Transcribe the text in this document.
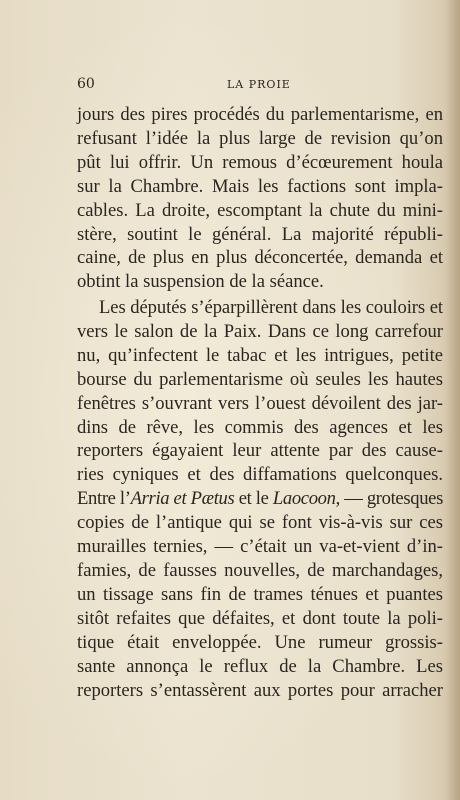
60	LA PROIE
jours des pires procédés du parlementarisme, en
refusant l’idée la plus large de revision qu’on
pût lui offrir. Un remous d’écœurement houla
sur la Chambre. Mais les factions sont impla-
cables. La droite, escomptant la chute du mini-
stère, soutint le général. La majorité républi-
caine, de plus en plus déconcertée, demanda et
obtint la suspension de la séance.
Les députés s’éparpillèrent dans les couloirs et
vers le salon de la Paix. Dans ce long carrefour
nu, qu’infectent le tabac et les intrigues, petite
bourse du parlementarisme où seules les hautes
fenêtres s’ouvrant vers l’ouest dévoilent des jar-
dins de rêve, les commis des agences et les
reporters égayaient leur attente par des cause-
ries cyniques et des diffamations quelconques.
Entre l’Arria et Pætus et le Laocoon, — grotesques
copies de l’antique qui se font vis-à-vis sur ces
murailles ternies, — c’était un va-et-vient d’in-
famies, de fausses nouvelles, de marchandages,
un tissage sans fin de trames ténues et puantes
sitôt refaites que défaites, et dont toute la poli-
tique était enveloppée. Une rumeur grossis-
sante annonça le reflux de la Chambre. Les
reporters s’entassèrent aux portes pour arracher
